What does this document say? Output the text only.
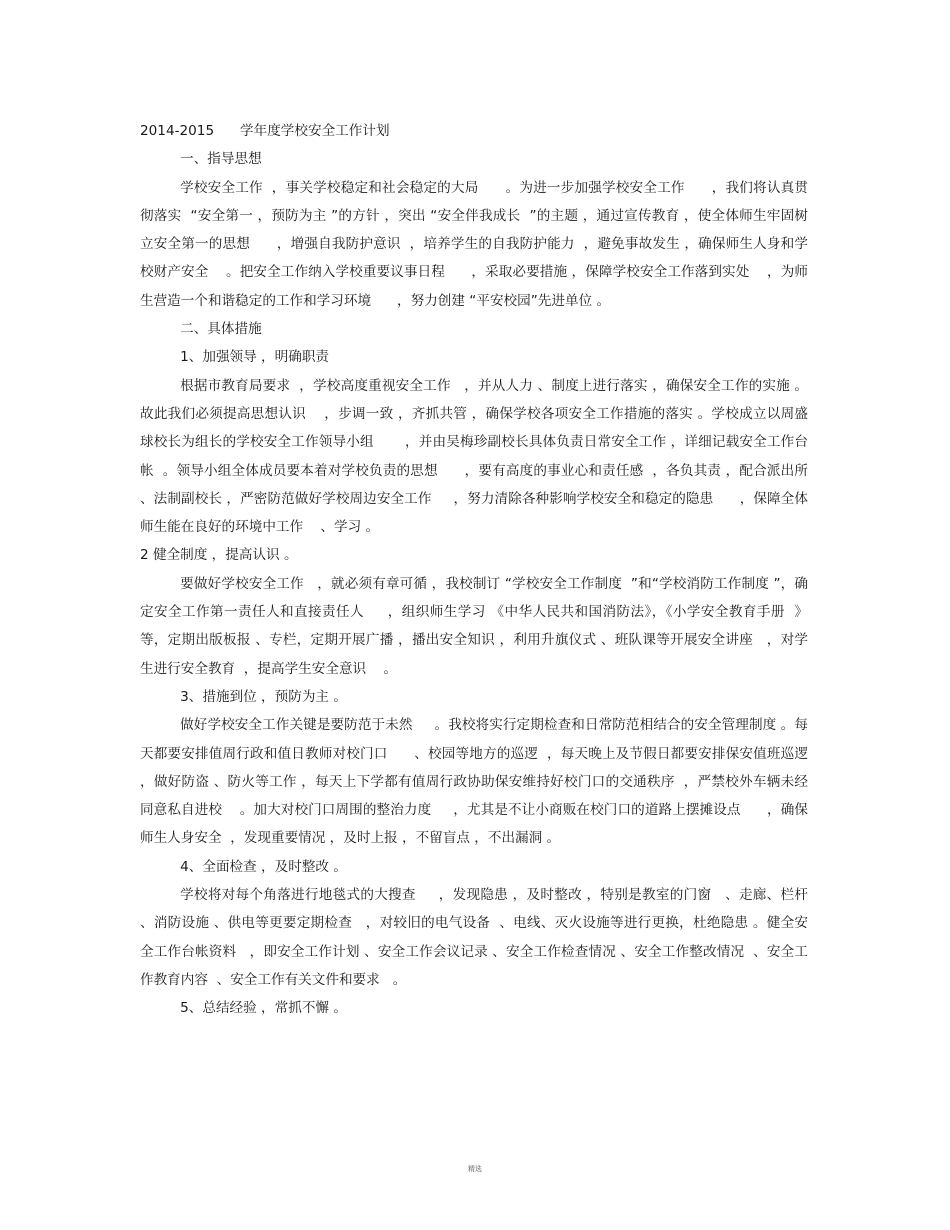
2014-2015      学年度学校安全工作计划

一、指导思想

学校安全工作  ，事关学校稳定和社会稳定的大局      。为进一步加强学校安全工作      ，我们将认真贯彻落实  “安全第一 ，预防为主 ”的方针 ，突出 “安全伴我成长  ”的主题 ，通过宣传教育 ，使全体师生牢固树立安全第一的思想      ，增强自我防护意识  ，培养学生的自我防护能力  ，避免事故发生 ，确保师生人身和学校财产安全    。把安全工作纳入学校重要议事日程      ，采取必要措施 ，保障学校安全工作落到实处    ，为师生营造一个和谐稳定的工作和学习环境      ，努力创建 “平安校园”先进单位 。

二、具体措施

1、加强领导 ，明确职责

根据市教育局要求  ，学校高度重视安全工作   ，并从人力 、制度上进行落实 ，确保安全工作的实施 。故此我们必须提高思想认识    ，步调一致 ，齐抓共管 ，确保学校各项安全工作措施的落实 。学校成立以周盛球校长为组长的学校安全工作领导小组       ，并由吴梅珍副校长具体负责日常安全工作 ，详细记载安全工作台帐  。领导小组全体成员要本着对学校负责的思想      ，要有高度的事业心和责任感  ，各负其责 ，配合派出所 、法制副校长 ，严密防范做好学校周边安全工作     ，努力清除各种影响学校安全和稳定的隐患      ，保障全体师生能在良好的环境中工作    、学习 。

2 健全制度 ，提高认识 。

要做好学校安全工作   ，就必须有章可循 ，我校制订 “学校安全工作制度  ”和“学校消防工作制度 ”，确定安全工作第一责任人和直接责任人     ，组织师生学习 《中华人民共和国消防法》，《小学安全教育手册  》等，定期出版板报 、专栏，定期开展广播 ，播出安全知识 ，利用升旗仪式 、班队课等开展安全讲座   ，对学生进行安全教育  ，提高学生安全意识    。

3、措施到位 ，预防为主 。

做好学校安全工作关键是要防范于未然     。我校将实行定期检查和日常防范相结合的安全管理制度 。每天都要安排值周行政和值日教师对校门口      、校园等地方的巡逻  ，每天晚上及节假日都要安排保安值班巡逻   ，做好防盗 、防火等工作 ，每天上下学都有值周行政协助保安维持好校门口的交通秩序  ，严禁校外车辆未经同意私自进校    。加大对校门口周围的整治力度     ，尤其是不让小商贩在校门口的道路上摆摊设点      ，确保师生人身安全  ，发现重要情况 ，及时上报 ，不留盲点 ，不出漏洞 。

4、全面检查 ，及时整改 。

学校将对每个角落进行地毯式的大搜查     ，发现隐患 ，及时整改 ，特别是教室的门窗   、走廊、栏杆 、消防设施 、供电等更要定期检查   ，对较旧的电气设备  、电线、灭火设施等进行更换，杜绝隐患 。健全安全工作台帐资料   ，即安全工作计划 、安全工作会议记录 、安全工作检查情况 、安全工作整改情况  、安全工作教育内容  、安全工作有关文件和要求   。

5、总结经验 ，常抓不懈 。

精选
